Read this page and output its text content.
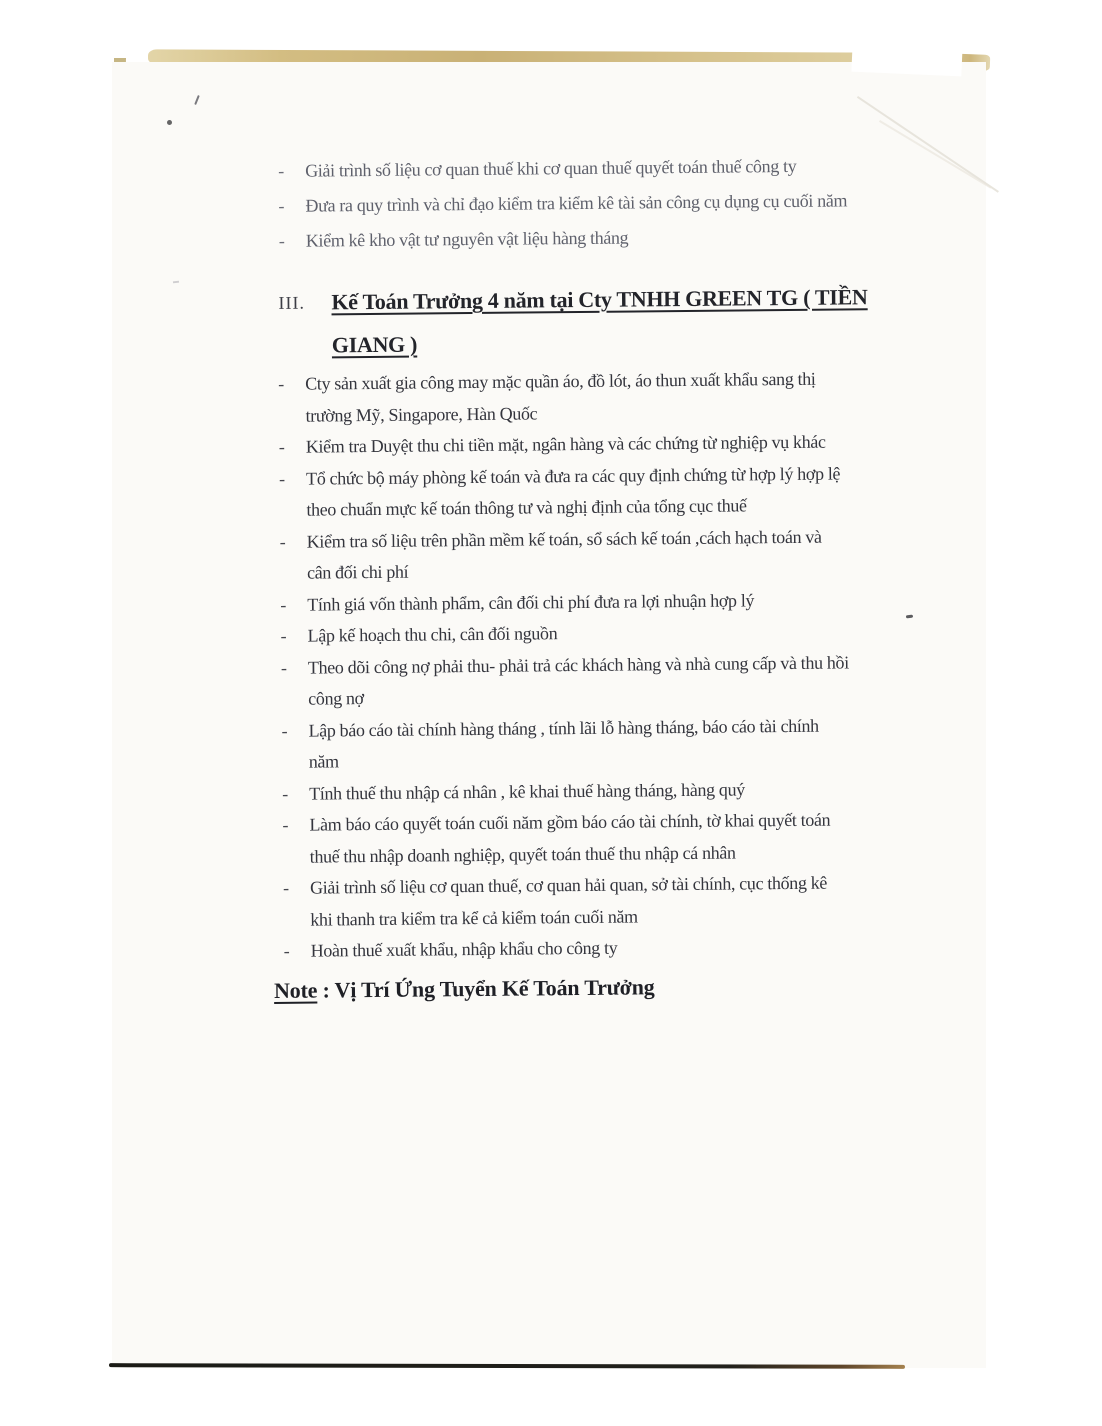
- Giải trình số liệu cơ quan thuế khi cơ quan thuế quyết toán thuế công ty
- Đưa ra quy trình và chỉ đạo kiểm tra kiểm kê tài sản công cụ dụng cụ cuối năm
- Kiểm kê kho vật tư nguyên vật liệu hàng tháng
III. Kế Toán Trưởng 4 năm tại Cty TNHH GREEN TG ( TIỀN
GIANG )
- Cty sản xuất gia công may mặc quần áo, đồ lót, áo thun xuất khẩu sang thị
trường Mỹ, Singapore, Hàn Quốc
- Kiểm tra Duyệt thu chi tiền mặt, ngân hàng và các chứng từ nghiệp vụ khác
- Tổ chức bộ máy phòng kế toán và đưa ra các quy định chứng từ hợp lý hợp lệ
theo chuẩn mực kế toán thông tư và nghị định của tổng cục thuế
- Kiểm tra số liệu trên phần mềm kế toán, sổ sách kế toán ,cách hạch toán và
cân đối chi phí
- Tính giá vốn thành phẩm, cân đối chi phí đưa ra lợi nhuận hợp lý
- Lập kế hoạch thu chi, cân đối nguồn
- Theo dõi công nợ phải thu- phải trả các khách hàng và nhà cung cấp và thu hồi
công nợ
- Lập báo cáo tài chính hàng tháng , tính lãi lỗ hàng tháng, báo cáo tài chính
năm
- Tính thuế thu nhập cá nhân , kê khai thuế hàng tháng, hàng quý
- Làm báo cáo quyết toán cuối năm gồm báo cáo tài chính, tờ khai quyết toán
thuế thu nhập doanh nghiệp, quyết toán thuế thu nhập cá nhân
- Giải trình số liệu cơ quan thuế, cơ quan hải quan, sở tài chính, cục thống kê
khi thanh tra kiểm tra kể cả kiểm toán cuối năm
- Hoàn thuế xuất khẩu, nhập khẩu cho công ty
Note : Vị Trí Ứng Tuyển Kế Toán Trưởng
